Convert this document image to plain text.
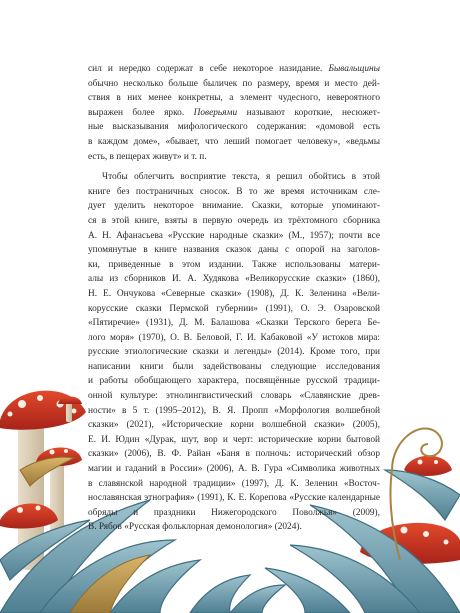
сил и нередко содержат в себе некоторое назидание. Бывальщины

обычно несколько больше быличек по размеру, время и место дей-

ствия в них менее конкретны, а элемент чудесного, невероятного

выражен более ярко. Поверьями называют короткие, несюжет-

ные высказывания мифологического содержания: «домовой есть

в каждом доме», «бывает, что леший помогает человеку», «ведьмы

есть, в пещерах живут» и т. п.

Чтобы облегчить восприятие текста, я решил обойтись в этой

книге без постраничных сносок. В то же время источникам сле-

дует уделить некоторое внимание. Сказки, которые упоминают-

ся в этой книге, взяты в первую очередь из трёхтомного сборника

А. Н. Афанасьева «Русские народные сказки» (М., 1957); почти все

упомянутые в книге названия сказок даны с опорой на заголов-

ки, приведенные в этом издании. Также использованы матери-

алы из сборников И. А. Худякова «Великорусские сказки» (1860),

Н. Е. Ончукова «Северные сказки» (1908), Д. К. Зеленина «Вели-

корусские сказки Пермской губернии» (1991), О. Э. Озаровской

«Пятиречие» (1931), Д. М. Балашова «Сказки Терского берега Бе-

лого моря» (1970), О. В. Беловой, Г. И. Кабаковой «У истоков мира:

русские этиологические сказки и легенды» (2014). Кроме того, при

написании книги были задействованы следующие исследования

и работы обобщающего характера, посвящённые русской традици-

онной культуре: этнолингвистический словарь «Славянские древ-

ности» в 5 т. (1995–2012), В. Я. Пропп «Морфология волшебной

сказки» (2021), «Исторические корни волшебной сказки» (2005),

Е. И. Юдин «Дурак, шут, вор и черт: исторические корни бытовой

сказки» (2006), В. Ф. Райан «Баня в полночь: исторический обзор

магии и гаданий в России» (2006), А. В. Гура «Символика животных

в славянской народной традиции» (1997), Д. К. Зеленин «Восточ-

нославянская этнография» (1991), К. Е. Корепова «Русские календарные обряды и праздники Нижегородского Поволжья» (2009),

В. Рябов «Русская фольклорная демонология» (2024).
